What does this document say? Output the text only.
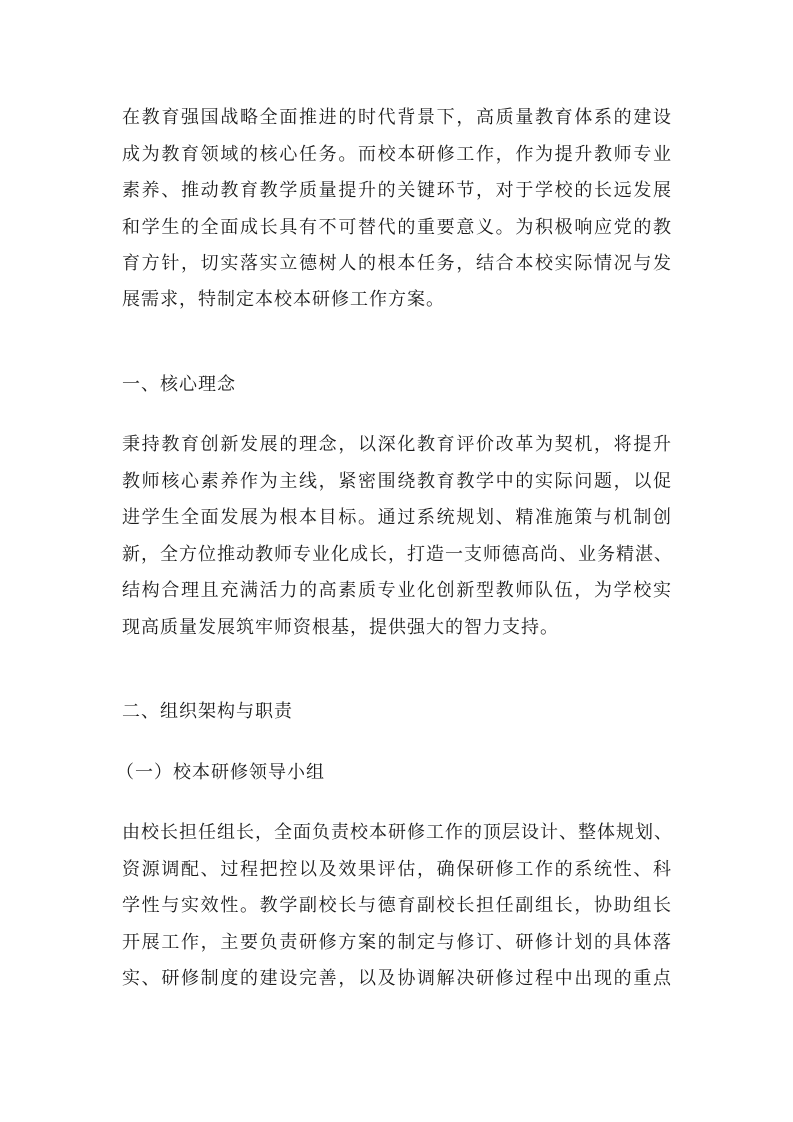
在教育强国战略全面推进的时代背景下，高质量教育体系的建设
成为教育领域的核心任务。而校本研修工作，作为提升教师专业
素养、推动教育教学质量提升的关键环节，对于学校的长远发展
和学生的全面成长具有不可替代的重要意义。为积极响应党的教
育方针，切实落实立德树人的根本任务，结合本校实际情况与发
展需求，特制定本校本研修工作方案。
一、核心理念
秉持教育创新发展的理念，以深化教育评价改革为契机，将提升
教师核心素养作为主线，紧密围绕教育教学中的实际问题，以促
进学生全面发展为根本目标。通过系统规划、精准施策与机制创
新，全方位推动教师专业化成长，打造一支师德高尚、业务精湛、
结构合理且充满活力的高素质专业化创新型教师队伍，为学校实
现高质量发展筑牢师资根基，提供强大的智力支持。
二、组织架构与职责
（一）校本研修领导小组
由校长担任组长，全面负责校本研修工作的顶层设计、整体规划、
资源调配、过程把控以及效果评估，确保研修工作的系统性、科
学性与实效性。教学副校长与德育副校长担任副组长，协助组长
开展工作，主要负责研修方案的制定与修订、研修计划的具体落
实、研修制度的建设完善，以及协调解决研修过程中出现的重点
